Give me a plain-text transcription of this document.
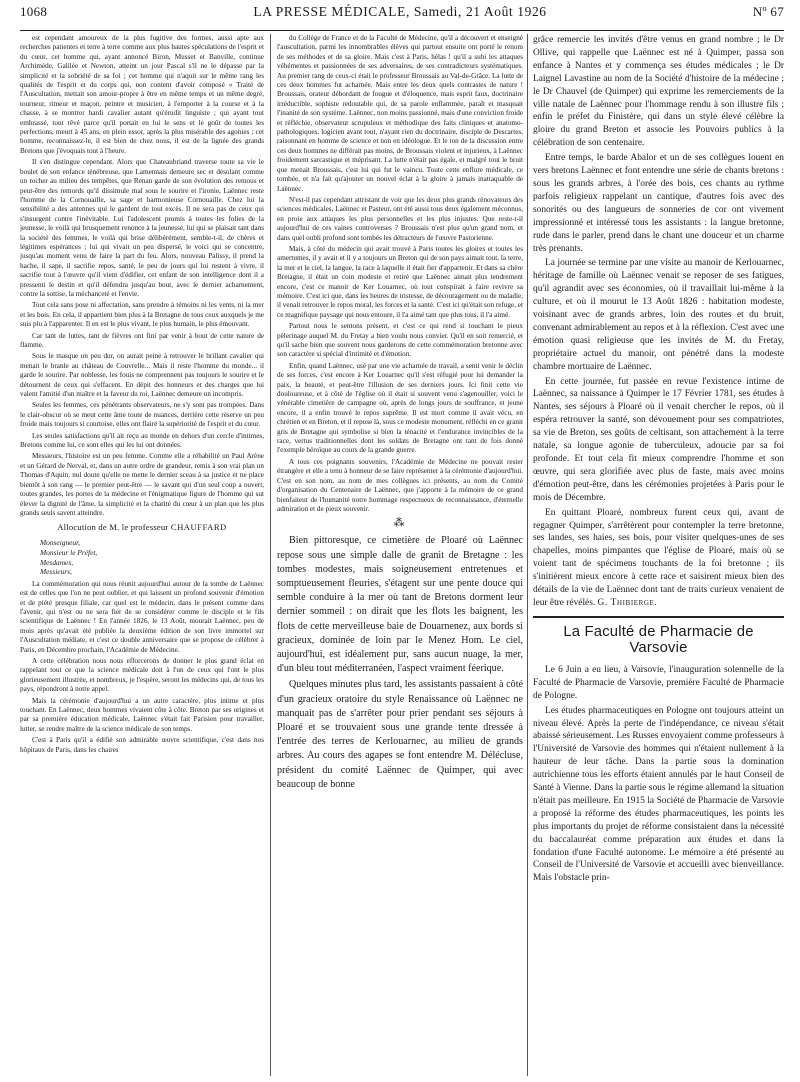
1068	LA PRESSE MÉDICALE, Samedi, 21 Août 1926	Nº 67

est cependant amoureux de la plus fugitive des formes, aussi apte aux recherches patientes et terre à terre comme aux plus hautes spéculations de l'esprit et du cœur, cet homme qui, ayant annoncé Biron, Musset et Banville, continue Archimède, Galilée et Newton, atteint un jour Pascal s'il ne le dépasse par la simplicité et la sobriété de sa foi ; cet homme qui n'aquit sur le même rang les qualités de l'esprit et du corps qui, non content d'avoir composé « Traité de l'Auscultation, mettait son amour-propre à être en même temps et un même degré, tourneur, rimeur et maçon, peintre et musicien, à l'emporter à la course et à la chasse, à se montrer hardi cavalier autant qu'érudit linguiste ; qui ayant tout embrassé, tout rêvé parce qu'il portait en lui le sens et le goût de toutes les perfections, meurt à 45 ans, en plein essor, après la plus misérable des agonies ; cet homme, reconnaissez-le, il est bien de chez nous, il est de la lignée des grands Bretons que j'évoquais tout à l'heure.

Il s'en distingue cependant. Alors que Chateaubriand traverse toute sa vie le boulet de son enfance ténébreuse, que Lamennais demeure sec et désolant comme un rocher au milieu des tempêtes, que Renan garde de son évolution des remous et peut-être des remords qu'il dissimule mal sous le sourire et l'ironie, Laënnec reste l'homme de la Cornouaille, sa sage et harmonieuse Cornouaille. Chez lui la sensibilité a des antennes qui le gardent de tout excès. Il ne sera pas de ceux qui s'insurgent contre l'inévitable. Lui l'adolescent promis à toutes les folies de la jeunesse, le voilà qui brusquement renonce à la jeunesse, lui qui se plaisait tant dans la société des femmes, le voilà qui brise délibérément, semble-t-il, de chères et légitimes espérances ; lui qui vivait un peu dispersé, le voici qui se concentre, jusqu'au moment venu de faire la part du feu. Alors, nouveau Palissy, il prend la hache, il sape, il sacrifie repos, santé, le peu de jours qui lui restent à vivre, il sacrifie tout à l'œuvre qu'il vient d'édifier, cet enfant de son intelligence dont il a pressenti le destin et qu'il défendra jusqu'au bout, avec le dernier acharnement, contre la sottise, la méchanceté et l'envie.

Tout cela sans pose ni affectation, sans prendre à témoins ni les vents, ni la mer et les bois. En cela, il appartient bien plus à la Bretagne de tous ceux auxquels je me suis plu à l'apparenter. Il en est le plus vivant, le plus humain, le plus émouvant.

Car tant de luttes, tant de fièvres ont fini par venir à bout de cette nature de flamme.

Sous le masque un peu dur, on aurait peine à retrouver le brillant cavalier qui menait le branle au château de Couvrelle... Mais il reste l'homme du monde... il garde le sourire. Par noblesse, les fouis ne comprennent pas toujours le sourire et le détournent de ceux qui s'effacent. En dépit des honneurs et des charges que lui valent l'amitié d'un maître et la faveur du roi, Laënnec demeure un incompris.

Seules les femmes, ces pénétrants observateurs, ne s'y sont pas trompées. Dans le clair-obscur où se meut cette âme toute de nuances, derrière cette réserve un peu froide mais toujours si courtoise, elles ont flairé la supériorité de l'esprit et du cœur.

Les seules satisfactions qu'il ait reçu au monde en dehors d'un cercle d'intimes, Bretons comme lui, ce sont elles qui les lui ont données.

Messieurs, l'histoire est un peu femme. Comme elle a réhabilité un Paul Arène et un Gérard de Nerval, et, dans un autre ordre de grandeur, remis à son vrai plan un Thomas d'Aquin, nul doute qu'elle ne mette le dernier sceau à sa justice et ne place bientôt à son rang — le premier peut-être — le savant qui d'un seul coup a ouvert, toutes grandes, les portes de la médecine et l'énigmatique figure de l'homme qui sut élever la dignité de l'âme, la simplicité et la charité du cœur à un plan que les plus grands seuls savent atteindre.

Allocution de M. le professeur CHAUFFARD
Monseigneur,
Monsieur le Préfet,
Mesdames,
Messieurs,

La commémoration qui nous réunit aujourd'hui autour de la tombe de Laënnec est de celles que l'on ne peut oublier, et qui laissent un profond souvenir d'émotion et de piété presque filiale, car quel est le médecin, dans le présent comme dans l'avenir, qui n'est ou ne sera fier de se considérer comme le disciple et le fils scientifique de Laënnec ! En l'année 1826, le 13 Août, mourait Laënnec, peu de mois après qu'avait été publiée la deuxième édition de son livre immortel sur l'Auscultation médiate, et c'est ce double anniversaire que se propose de célébrer à Paris, en Décembre prochain, l'Académie de Médecine.

A cette célébration nous nous efforcerons de donner le plus grand éclat en rappelant tout ce que la science médicale doit à l'un de ceux qui l'ont le plus glorieusement illustrée, et nombreux, je l'espère, seront les médecins qui, de tous les pays, répondront à notre appel.

Mais la cérémonie d'aujourd'hui a un autre caractère, plus intime et plus touchant. En Laënnec, deux hommes vivaient côte à côte. Breton par ses origines et par sa première éducation médicale, Laënnec s'était fait Parisien pour travailler, lutter, se rendre maître de la science médicale de son temps.

C'est à Paris qu'il a édifié son admirable œuvre scientifique, c'est dans nos hôpitaux de Paris, dans les chaires

du Collège de France et de la Faculté de Médecine, qu'il a découvert et enseigné l'auscultation, parmi les innombrables élèves qui partout ensuite ont porté le renom de ses méthodes et de sa gloire. Mais c'est à Paris, hélas ! qu'il a subi les attaques véhémentes et passionnées de ses adversaires, de ses contradicteurs systématiques. Au premier rang de ceux-ci était le professeur Broussais au Val-de-Grâce. La lutte de ces deux hommes fut acharnée. Mais entre les deux quels contrastes de nature ! Broussais, orateur débordant de fougue et d'éloquence, mais esprit faux, doctrinaire irréductible, sophiste redoutable qui, de sa parole enflammée, paraît et masquait l'inanité de son système. Laënnec, non moins passionné, mais d'une conviction froide et réfléchie, observateur scrupuleux et méthodique des faits cliniques et anatomo-pathologiques, logicien avant tout, n'ayant rien du doctrinaire, disciple de Descartes, raisonnant en homme de science et non en idéologue. Et le ton de la discussion entre ces deux hommes ne différait pas moins, de Broussais violent et injurieux, à Laënnec froidement sarcastique et méprisant. La lutte n'était pas égale, et malgré tout le bruit que menait Broussais, c'est lui qui fut le vaincu. Toute cette enflure médicale, ce tombée, et n'a fait qu'ajouter un nouvel éclat à la gloire à jamais inattaquable de Laënnec.

N'est-il pas cependant attristant de voir que les deux plus grands rénovateurs des sciences médicales, Laënnec et Pasteur, ont été aussi tous deux également méconnus, en proie aux attaques les plus personnelles et les plus injustes. Que reste-t-il aujourd'hui de ces vaines controverses ? Broussais n'est plus qu'un grand nom, et dans quel oubli profond sont tombés les détracteurs de l'œuvre Pastorienne.

Mais, à côté du médecin qui avait trouvé à Paris toutes les gloires et toutes les amertumes, il y avait et il y a toujours un Breton qui de son pays aimait tout, la terre, la mer et le ciel, la langue, la race à laquelle il était fier d'appartenir. Et dans sa chère Bretagne, il était un coin modeste et retiré que Laënnec aimait plus tendrement encore, c'est ce manoir de Ker Louarnec, où tout conspirait à faire revivre sa mémoire. C'est ici que, dans les heures de tristesse, de découragement ou de maladie, il venait retrouver le repos moral, les forces et la santé. C'est ici qu'était son refuge, et ce magnifique paysage qui nous entoure, il l'a aimé tant que plus tous, il l'a aimé.

Partout nous le sentons présent, et c'est ce qui rend si touchant le pieux pèlerinage auquel M. du Fretay a bien voulu nous convier. Qu'il en soit remercié, et qu'il sache bien que souvent nous garderons de cette commémoration bretonne avec son caractère si spécial d'intimité et d'émotion.

Enfin, quand Laënnec, usé par une vie acharnée de travail, a senti venir le déclin de ses forces, c'est encore à Ker Louarnec qu'il s'est réfugié pour lui demander la paix, la beauté, et peut-être l'illusion de ses derniers jours. Ici finit cette vie douloureuse, et à côté de l'église où il était si souvent venu s'agenouiller, voici le vénérable cimetière de campagne où, après de longs jours de souffrance, et jeune encore, il a enfin trouvé le repos suprême. Il est mort comme il avait vécu, en chrétien et en Breton, et il repose là, sous ce modeste monument, réfléchi en ce granit gris de Bretagne qui symbolise si bien la ténacité et l'endurance invincibles de la race, vertus traditionnelles dont les soldats de Bretagne ont tant de fois donné l'exemple héroïque au cours de la grande guerre.

A tous ces poignants souvenirs, l'Académie de Médecine ne pouvait rester étrangère et elle a tenu à honneur de se faire représenter à la cérémonie d'aujourd'hui. C'est en son nom, au nom de mes collègues ici présents, au nom du Comité d'organisation du Centenaire de Laënnec, que j'apporte à la mémoire de ce grand bienfaiteur de l'humanité notre hommage respectueux de reconnaissance, d'éternelle admiration et de pieux souvenir.

⁂

Bien pittoresque, ce cimetière de Ploaré où Laënnec repose sous une simple dalle de granit de Bretagne : les tombes modestes, mais soigneusement entretenues et somptueusement fleuries, s'étagent sur une pente douce qui semble conduire à la mer où tant de Bretons dorment leur dernier sommeil : on dirait que les flots les baignent, les flots de cette merveilleuse baie de Douarnenez, aux bords si gracieux, dominée de loin par le Menez Hom. Le ciel, aujourd'hui, est idéalement pur, sans aucun nuage, la mer, d'un bleu tout méditerranéen, l'aspect vraiment féerique.

Quelques minutes plus tard, les assistants passaient à côté d'un gracieux oratoire du style Renaissance où Laënnec ne manquait pas de s'arrêter pour prier pendant ses séjours à Ploaré et se trouvaient sous une grande tente dressée à l'entrée des terres de Kerlouarnec, au milieu de grands arbres. Au cours des agapes se font entendre M. Délécluse, président du comité Laënnec de Quimper, qui avec beaucoup de bonne

grâce remercie les invités d'être venus en grand nombre ; le Dr Ollive, qui rappelle que Laënnec est né à Quimper, passa son enfance à Nantes et y commença ses études médicales ; le Dr Laignel Lavastine au nom de la Société d'histoire de la médecine ; le Dr Chauvel (de Quimper) qui exprime les remerciements de la ville natale de Laënnec pour l'hommage rendu à son illustre fils ; enfin le préfet du Finistère, qui dans un style élevé célèbre la gloire du grand Breton et associe les Pouvoirs publics à la célébration de son centenaire.

Entre temps, le barde Abalor et un de ses collègues louent en vers bretons Laënnec et font entendre une série de chants bretons : sous les grands arbres, à l'orée des bois, ces chants au rythme parfois religieux rappelant un cantique, d'autres fois avec des sonorités ou des langueurs de sonneries de cor ont vivement impressionné et intéressé tous les assistants : la langue bretonne, rude dans le parler, prend dans le chant une douceur et un charme très prenants.

La journée se termine par une visite au manoir de Kerlouarnec, héritage de famille où Laënnec venait se reposer de ses fatigues, qu'il agrandit avec ses économies, où il travaillait lui-même à la culture, et où il mourut le 13 Août 1826 : habitation modeste, voisinant avec de grands arbres, loin des routes et du bruit, convenant admirablement au repos et à la réflexion. C'est avec une émotion quasi religieuse que les invités de M. du Fretay, propriétaire actuel du manoir, ont pénétré dans la modeste chambre mortuaire de Laënnec.

En cette journée, fut passée en revue l'existence intime de Laënnec, sa naissance à Quimper le 17 Février 1781, ses études à Nantes, ses séjours à Ploaré où il venait chercher le repos, où il espéra retrouver la santé, son dévouement pour ses compatriotes, sa vie de Breton, ses goûts de celtisant, son attachement à la terre natale, sa longue agonie de tuberculeux, adoucie par sa foi profonde. Et tout cela fit mieux comprendre l'homme et son œuvre, qui sera glorifiée avec plus de faste, mais avec moins d'émotion peut-être, dans les cérémonies projetées à Paris pour le mois de Décembre.

En quittant Ploaré, nombreux furent ceux qui, avant de regagner Quimper, s'arrêtèrent pour contempler la terre bretonne, ses landes, ses haies, ses bois, pour visiter quelques-unes de ses chapelles, moins pimpantes que l'église de Ploaré, mais où se voient tant de spécimens touchants de la foi bretonne ; ils s'initièrent mieux encore à cette race et saisirent mieux bien des détails de la vie de Laënnec dont tant de traits curieux venaient de leur être révélés. G. Thibierge.

La Faculté de Pharmacie de Varsovie

Le 6 Juin a eu lieu, à Varsovie, l'inauguration solennelle de la Faculté de Pharmacie de Varsovie, première Faculté de Pharmacie de Pologne.

Les études pharmaceutiques en Pologne ont toujours atteint un niveau élevé. Après la perte de l'indépendance, ce niveau s'était abaissé sérieusement. Les Russes envoyaient comme professeurs à l'Université de Varsovie des hommes qui n'étaient nullement à la hauteur de leur tâche. Dans la partie sous la domination autrichienne tous les efforts étaient annulés par le haut Conseil de Santé à Vienne. Dans la partie sous le régime allemand la situation n'était pas meilleure. En 1915 la Société de Pharmacie de Varsovie a proposé la réforme des études pharmaceutiques, les points les plus importants du projet de réforme consistaient dans la nécessité du baccalauréat comme préparation aux études et dans la fondation d'une Faculté autonome. Le mémoire a été présenté au Conseil de l'Université de Varsovie et accueilli avec bienveillance. Mais l'obstacle prin-
